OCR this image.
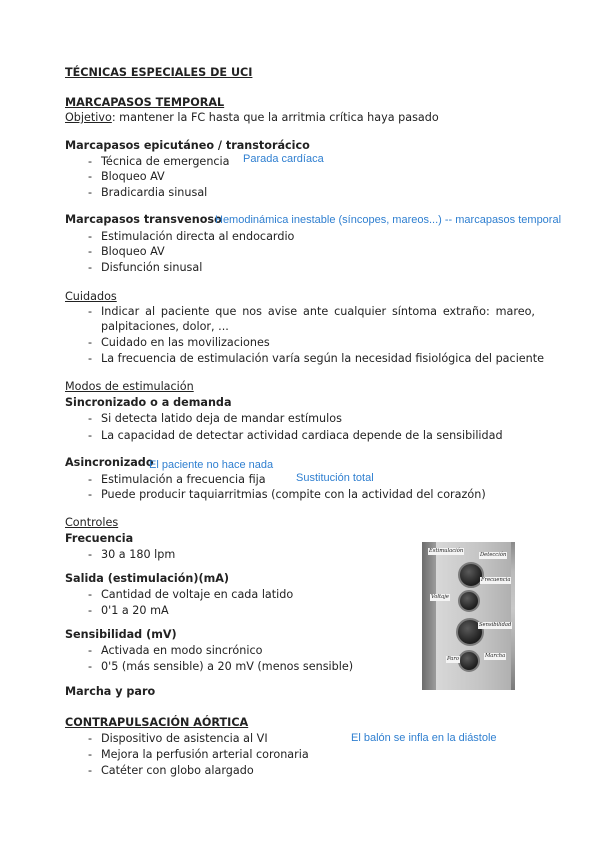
TÉCNICAS ESPECIALES DE UCI
MARCAPASOS TEMPORAL
Objetivo: mantener la FC hasta que la arritmia crítica haya pasado
Marcapasos epicutáneo / transtorácico
Parada cardíaca
- Técnica de emergencia
- Bloqueo AV
- Bradicardia sinusal
Marcapasos transvenoso
Hemodinámica inestable (síncopes, mareos...) -- marcapasos temporal
- Estimulación directa al endocardio
- Bloqueo AV
- Disfunción sinusal
Cuidados
- Indicar al paciente que nos avise ante cualquier síntoma extraño: mareo,
palpitaciones, dolor, ...
- Cuidado en las movilizaciones
- La frecuencia de estimulación varía según la necesidad fisiológica del paciente
Modos de estimulación
Sincronizado o a demanda
- Si detecta latido deja de mandar estímulos
- La capacidad de detectar actividad cardiaca depende de la sensibilidad
Asincronizado
El paciente no hace nada
Sustitución total
- Estimulación a frecuencia fija
- Puede producir taquiarritmias (compite con la actividad del corazón)
Controles
Frecuencia
- 30 a 180 lpm
Salida (estimulación)(mA)
- Cantidad de voltaje en cada latido
- 0'1 a 20 mA
Sensibilidad (mV)
- Activada en modo sincrónico
- 0'5 (más sensible) a 20 mV (menos sensible)
Marcha y paro
Estimulación
Detección
Frecuencia
Voltaje
Sensibilidad
Paro	Marcha
CONTRAPULSACIÓN AÓRTICA
El balón se infla en la diástole
- Dispositivo de asistencia al VI
- Mejora la perfusión arterial coronaria
- Catéter con globo alargado
